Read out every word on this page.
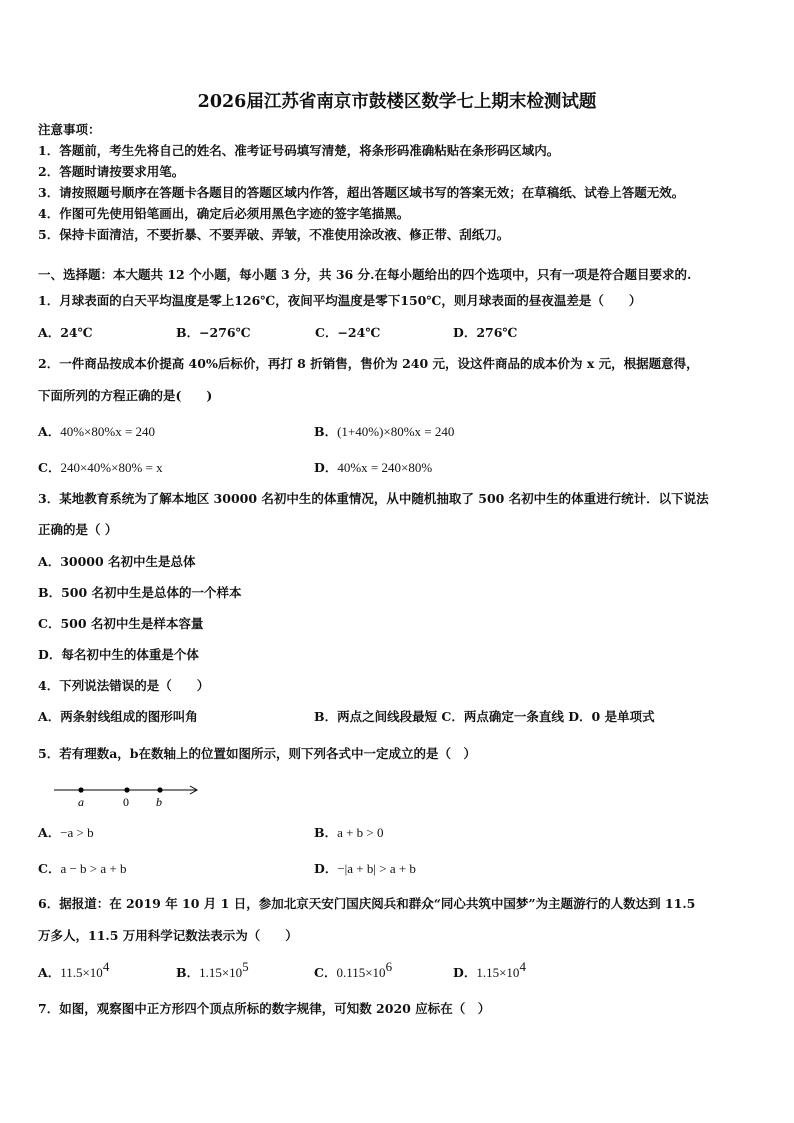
2026届江苏省南京市鼓楼区数学七上期末检测试题
注意事项：
1．答题前，考生先将自己的姓名、准考证号码填写清楚，将条形码准确粘贴在条形码区域内。
2．答题时请按要求用笔。
3．请按照题号顺序在答题卡各题目的答题区域内作答，超出答题区域书写的答案无效；在草稿纸、试卷上答题无效。
4．作图可先使用铅笔画出，确定后必须用黑色字迹的签字笔描黑。
5．保持卡面清洁，不要折暴、不要弄破、弄皱，不准使用涂改液、修正带、刮纸刀。
一、选择题：本大题共 12 个小题，每小题 3 分，共 36 分.在每小题给出的四个选项中，只有一项是符合题目要求的.
1．月球表面的白天平均温度是零上126℃，夜间平均温度是零下150℃，则月球表面的昼夜温差是（　　）
A．24℃	B．−276℃	C．−24℃	D．276℃
2．一件商品按成本价提高 40%后标价，再打 8 折销售，售价为 240 元，设这件商品的成本价为 x 元，根据题意得，
下面所列的方程正确的是(　　)
A．40%×80%x = 240	B．(1+40%)×80%x = 240
C．240×40%×80% = x	D．40%x = 240×80%
3．某地教育系统为了解本地区 30000 名初中生的体重情况，从中随机抽取了 500 名初中生的体重进行统计．以下说法
正确的是（ ）
A．30000 名初中生是总体
B．500 名初中生是总体的一个样本
C．500 名初中生是样本容量
D．每名初中生的体重是个体
4．下列说法错误的是（　　）
A．两条射线组成的图形叫角	B．两点之间线段最短 C．两点确定一条直线 D．0 是单项式
5．若有理数a，b在数轴上的位置如图所示，则下列各式中一定成立的是（　）
a	0 b
A．−a > b	B．a + b > 0
C．a − b > a + b	D．−|a + b| > a + b
6．据报道：在 2019 年 10 月 1 日，参加北京天安门国庆阅兵和群众“同心共筑中国梦”为主题游行的人数达到 11.5
万多人，11.5 万用科学记数法表示为（　　）
A．$11.5\times 10^4$	B．$1.15\times 10^5$	C．$0.115\times 10^6$	D．$1.15\times 10^4$
7．如图，观察图中正方形四个顶点所标的数字规律，可知数 2020 应标在（　）
